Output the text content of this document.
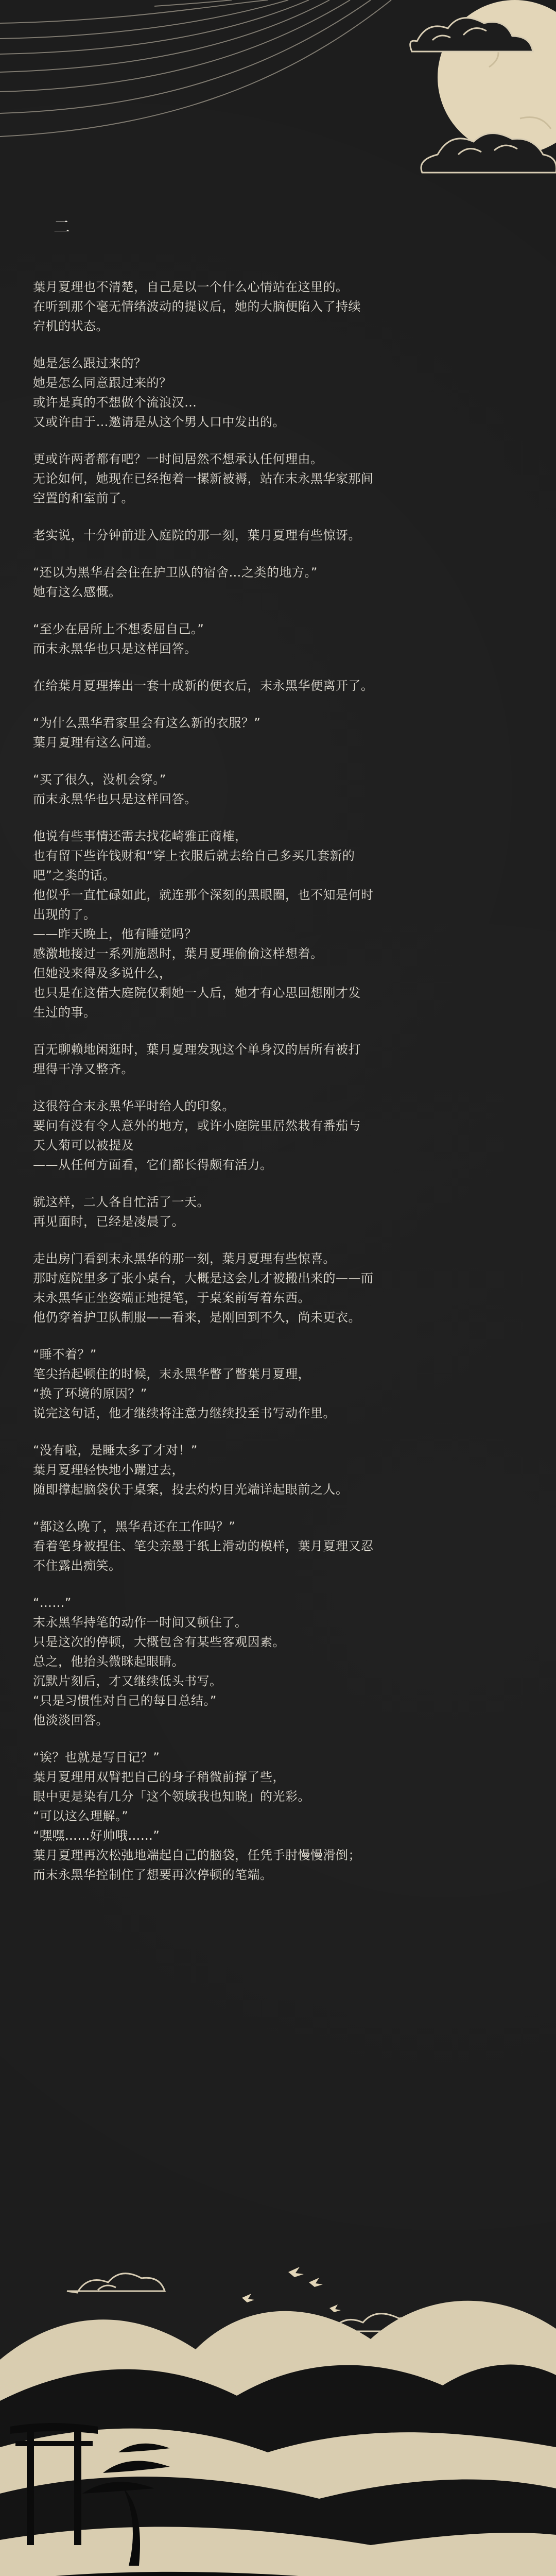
二
葉月夏理也不清楚，自己是以一个什么心情站在这里的。
在听到那个毫无情绪波动的提议后，她的大脑便陷入了持续
宕机的状态。
她是怎么跟过来的？
她是怎么同意跟过来的？
或许是真的不想做个流浪汉…
又或许由于…邀请是从这个男人口中发出的。
更或许两者都有吧？一时间居然不想承认任何理由。
无论如何，她现在已经抱着一摞新被褥，站在末永黑华家那间
空置的和室前了。
老实说，十分钟前进入庭院的那一刻，葉月夏理有些惊讶。
“还以为黑华君会住在护卫队的宿舍…之类的地方。”
她有这么感慨。
“至少在居所上不想委屈自己。”
而末永黑华也只是这样回答。
在给葉月夏理捧出一套十成新的便衣后，末永黑华便离开了。
“为什么黑华君家里会有这么新的衣服？”
葉月夏理有这么问道。
“买了很久，没机会穿。”
而末永黑华也只是这样回答。
他说有些事情还需去找花崎雅正商榷，
也有留下些许钱财和“穿上衣服后就去给自己多买几套新的
吧”之类的话。
他似乎一直忙碌如此，就连那个深刻的黑眼圈，也不知是何时
出现的了。
——昨天晚上，他有睡觉吗？
感激地接过一系列施恩时，葉月夏理偷偷这样想着。
但她没来得及多说什么，
也只是在这偌大庭院仅剩她一人后，她才有心思回想刚才发
生过的事。
百无聊赖地闲逛时，葉月夏理发现这个单身汉的居所有被打
理得干净又整齐。
这很符合末永黑华平时给人的印象。
要问有没有令人意外的地方，或许小庭院里居然栽有番茄与
天人菊可以被提及
——从任何方面看，它们都长得颇有活力。
就这样，二人各自忙活了一天。
再见面时，已经是凌晨了。
走出房门看到末永黑华的那一刻，葉月夏理有些惊喜。
那时庭院里多了张小桌台，大概是这会儿才被搬出来的——而
末永黑华正坐姿端正地提笔，于桌案前写着东西。
他仍穿着护卫队制服——看来，是刚回到不久，尚未更衣。
“睡不着？”
笔尖抬起顿住的时候，末永黑华瞥了瞥葉月夏理，
“换了环境的原因？”
说完这句话，他才继续将注意力继续投至书写动作里。
“没有啦，是睡太多了才对！”
葉月夏理轻快地小蹦过去，
随即撑起脑袋伏于桌案，投去灼灼目光端详起眼前之人。
“都这么晚了，黑华君还在工作吗？”
看着笔身被捏住、笔尖亲墨于纸上滑动的模样，葉月夏理又忍
不住露出痴笑。
“……”
末永黑华持笔的动作一时间又顿住了。
只是这次的停顿，大概包含有某些客观因素。
总之，他抬头微眯起眼睛。
沉默片刻后，才又继续低头书写。
“只是习惯性对自己的每日总结。”
他淡淡回答。
“诶？也就是写日记？”
葉月夏理用双臂把自己的身子稍微前撑了些，
眼中更是染有几分「这个领域我也知晓」的光彩。
“可以这么理解。”
“嘿嘿……好帅哦……”
葉月夏理再次松弛地端起自己的脑袋，任凭手肘慢慢滑倒；
而末永黑华控制住了想要再次停顿的笔端。
